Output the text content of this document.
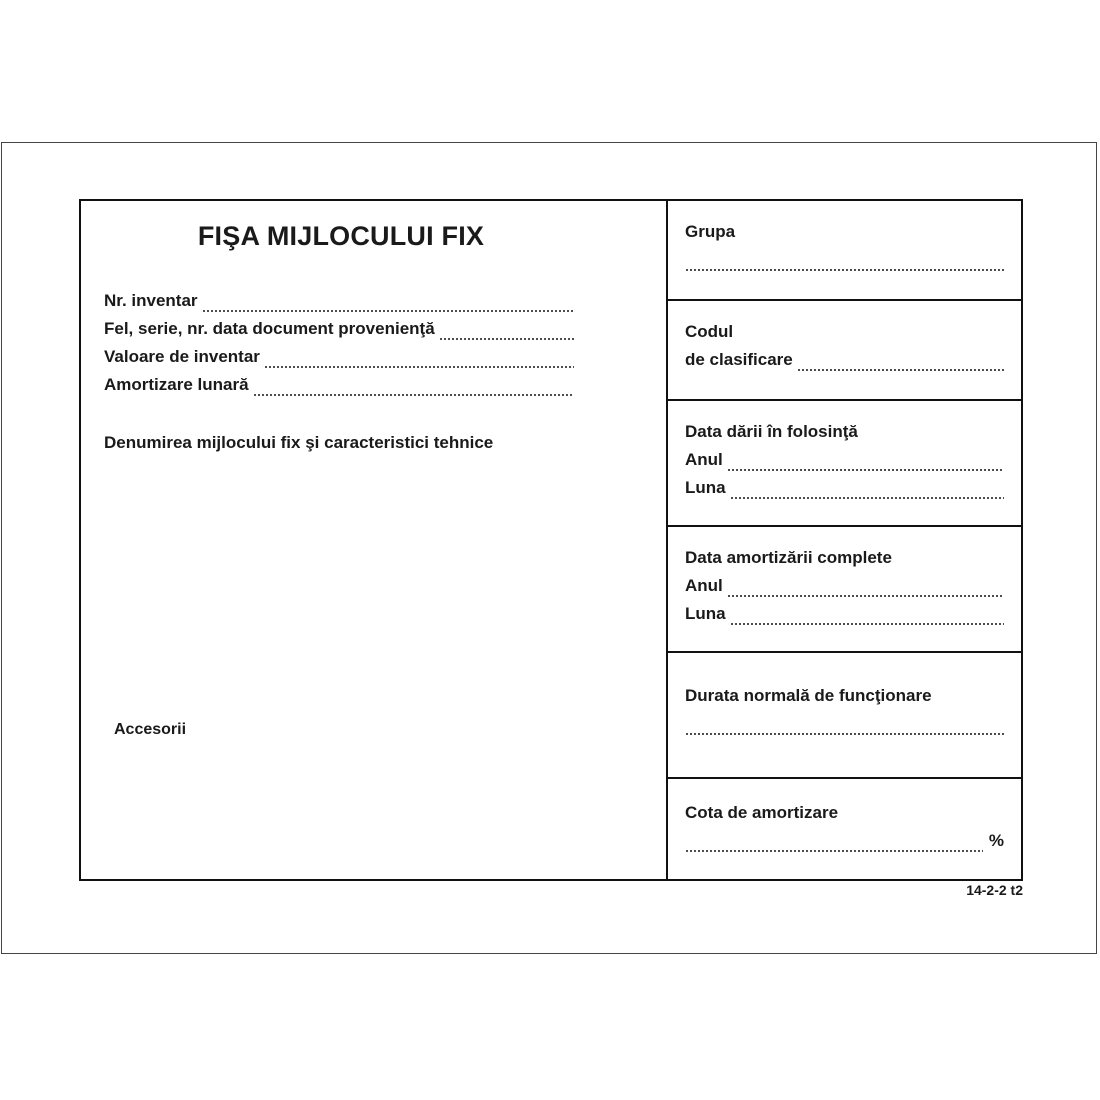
FIŞA MIJLOCULUI FIX
Nr. inventar
Fel, serie, nr. data document provenienţă
Valoare de inventar
Amortizare lunară
Denumirea mijlocului fix şi caracteristici tehnice
Accesorii
Grupa
Codul
de clasificare
Data dării în folosinţă
Anul
Luna
Data amortizării complete
Anul
Luna
Durata normală de funcţionare
Cota de amortizare
%
14-2-2 t2
